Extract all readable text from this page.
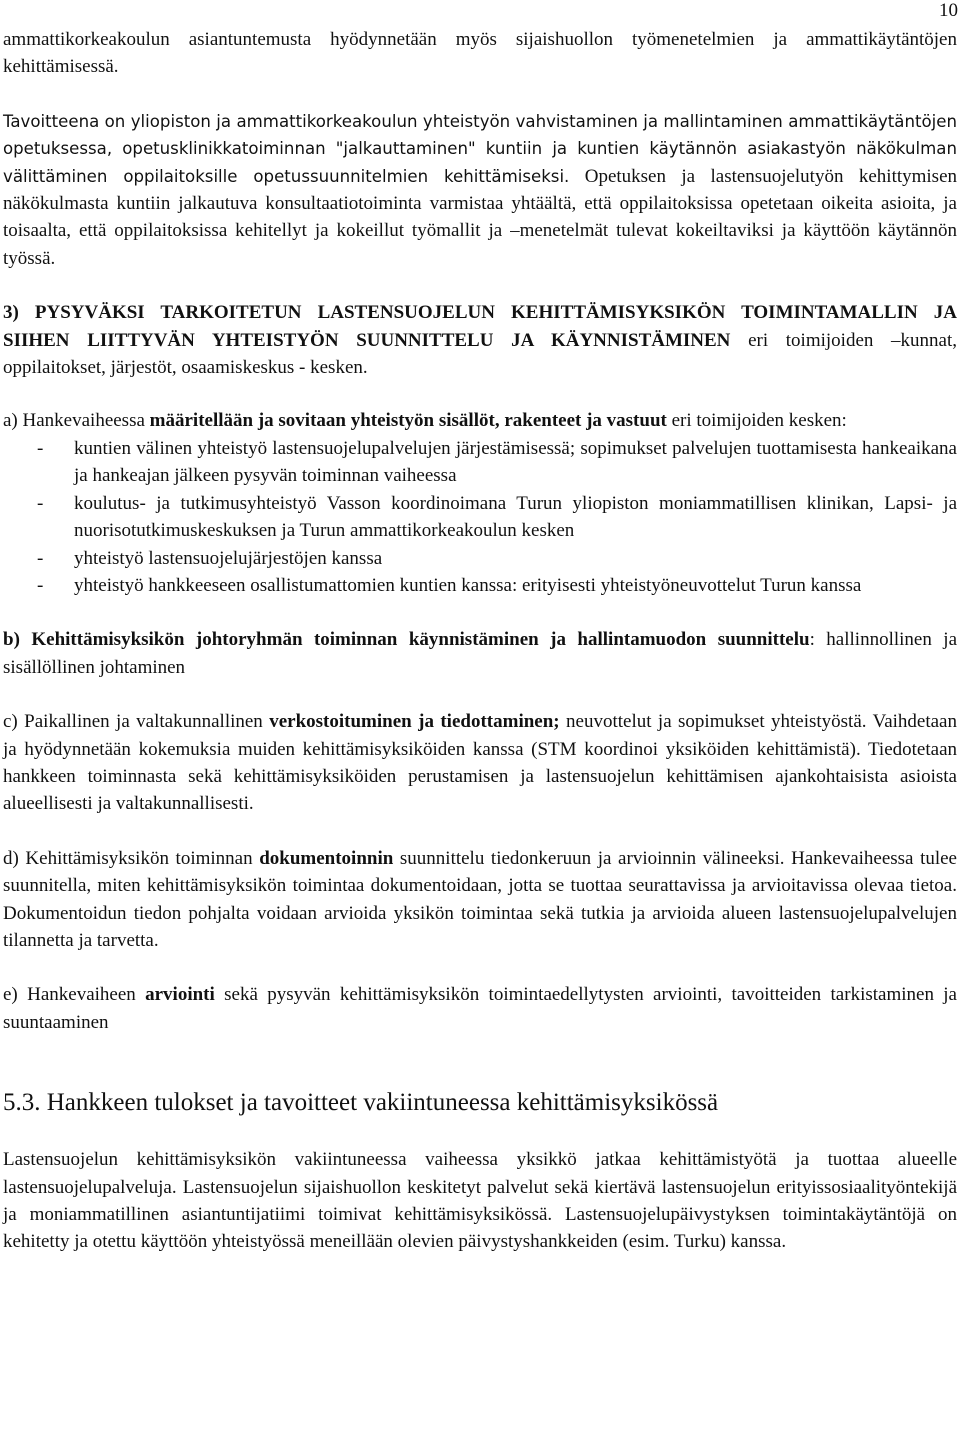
10

ammattikorkeakoulun asiantuntemusta hyödynnetään myös sijaishuollon työmenetelmien ja ammattikäytäntöjen kehittämisessä.

Tavoitteena on yliopiston ja ammattikorkeakoulun yhteistyön vahvistaminen ja mallintaminen ammattikäytäntöjen opetuksessa, opetusklinikkatoiminnan "jalkauttaminen" kuntiin ja kuntien käytännön asiakastyön näkökulman välittäminen oppilaitoksille opetussuunnitelmien kehittämiseksi. Opetuksen ja lastensuojelutyön kehittymisen näkökulmasta kuntiin jalkautuva konsultaatiotoiminta varmistaa yhtäältä, että oppilaitoksissa opetetaan oikeita asioita, ja toisaalta, että oppilaitoksissa kehitellyt ja kokeillut työmallit ja –menetelmät tulevat kokeiltaviksi ja käyttöön käytännön työssä.

3) PYSYVÄKSI TARKOITETUN LASTENSUOJELUN KEHITTÄMISYKSIKÖN TOIMINTAMALLIN JA SIIHEN LIITTYVÄN YHTEISTYÖN SUUNNITTELU JA KÄYNNISTÄMINEN eri toimijoiden –kunnat, oppilaitokset, järjestöt, osaamiskeskus - kesken.

a) Hankevaiheessa määritellään ja sovitaan yhteistyön sisällöt, rakenteet ja vastuut eri toimijoiden kesken:

- kuntien välinen yhteistyö lastensuojelupalvelujen järjestämisessä; sopimukset palvelujen tuottamisesta hankeaikana ja hankeajan jälkeen pysyvän toiminnan vaiheessa
- koulutus- ja tutkimusyhteistyö Vasson koordinoimana Turun yliopiston moniammatillisen klinikan, Lapsi- ja nuorisotutkimuskeskuksen ja Turun ammattikorkeakoulun kesken
- yhteistyö lastensuojelujärjestöjen kanssa
- yhteistyö hankkeeseen osallistumattomien kuntien kanssa: erityisesti yhteistyöneuvottelut Turun kanssa

b) Kehittämisyksikön johtoryhmän toiminnan käynnistäminen ja hallintamuodon suunnittelu: hallinnollinen ja sisällöllinen johtaminen

c) Paikallinen ja valtakunnallinen verkostoituminen ja tiedottaminen; neuvottelut ja sopimukset yhteistyöstä. Vaihdetaan ja hyödynnetään kokemuksia muiden kehittämisyksiköiden kanssa (STM koordinoi yksiköiden kehittämistä). Tiedotetaan hankkeen toiminnasta sekä kehittämisyksiköiden perustamisen ja lastensuojelun kehittämisen ajankohtaisista asioista alueellisesti ja valtakunnallisesti.

d) Kehittämisyksikön toiminnan dokumentoinnin suunnittelu tiedonkeruun ja arvioinnin välineeksi. Hankevaiheessa tulee suunnitella, miten kehittämisyksikön toimintaa dokumentoidaan, jotta se tuottaa seurattavissa ja arvioitavissa olevaa tietoa. Dokumentoidun tiedon pohjalta voidaan arvioida yksikön toimintaa sekä tutkia ja arvioida alueen lastensuojelupalvelujen tilannetta ja tarvetta.

e) Hankevaiheen arviointi sekä pysyvän kehittämisyksikön toimintaedellytysten arviointi, tavoitteiden tarkistaminen ja suuntaaminen

5.3. Hankkeen tulokset ja tavoitteet vakiintuneessa kehittämisyksikössä

Lastensuojelun kehittämisyksikön vakiintuneessa vaiheessa yksikkö jatkaa kehittämistyötä ja tuottaa alueelle lastensuojelupalveluja. Lastensuojelun sijaishuollon keskitetyt palvelut sekä kiertävä lastensuojelun erityissosiaalityöntekijä ja moniammatillinen asiantuntijatiimi toimivat kehittämisyksikössä. Lastensuojelupäivystyksen toimintakäytäntöjä on kehitetty ja otettu käyttöön yhteistyössä meneillään olevien päivystyshankkeiden (esim. Turku) kanssa.
